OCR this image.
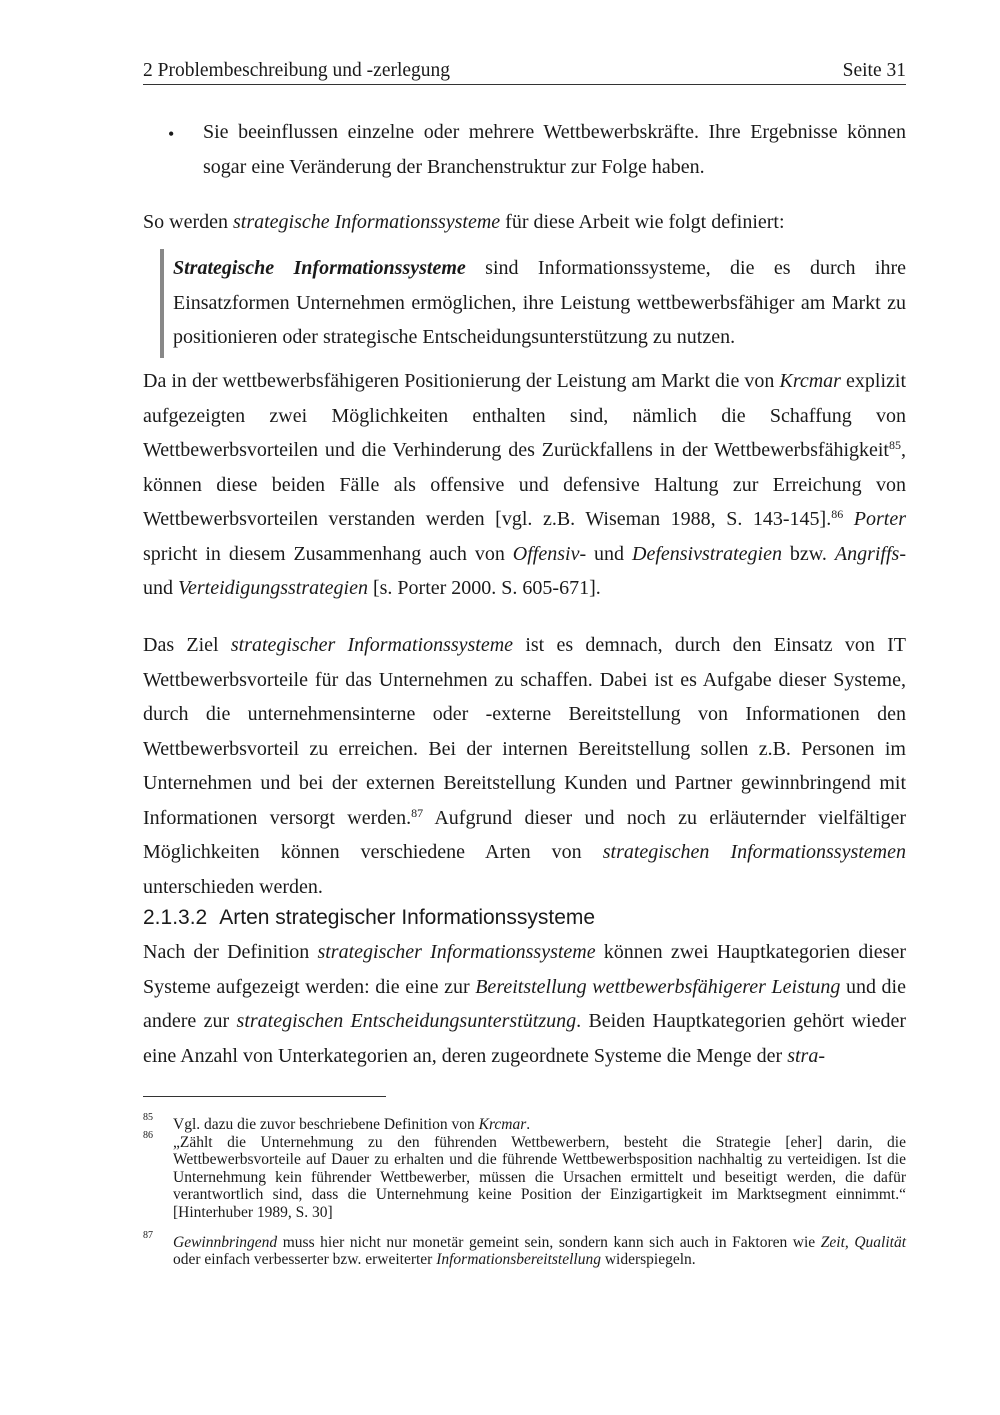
2 Problembeschreibung und -zerlegung	Seite 31
• Sie beeinflussen einzelne oder mehrere Wettbewerbskräfte. Ihre Ergebnisse können sogar eine Veränderung der Branchenstruktur zur Folge haben.

So werden strategische Informationssysteme für diese Arbeit wie folgt definiert:

Strategische Informationssysteme sind Informationssysteme, die es durch ihre Einsatzformen Unternehmen ermöglichen, ihre Leistung wettbewerbsfähiger am Markt zu positionieren oder strategische Entscheidungsunterstützung zu nutzen.

Da in der wettbewerbsfähigeren Positionierung der Leistung am Markt die von Krcmar explizit aufgezeigten zwei Möglichkeiten enthalten sind, nämlich die Schaffung von Wettbewerbsvorteilen und die Verhinderung des Zurückfallens in der Wettbewerbsfähigkeit$^{85}$, können diese beiden Fälle als offensive und defensive Haltung zur Erreichung von Wettbewerbsvorteilen verstanden werden [vgl. z.B. Wiseman 1988, S. 143-145].$^{86}$ Porter spricht in diesem Zusammenhang auch von Offensiv- und Defensivstrategien bzw. Angriffs- und Verteidigungsstrategien [s. Porter 2000. S. 605-671].

Das Ziel strategischer Informationssysteme ist es demnach, durch den Einsatz von IT Wettbewerbsvorteile für das Unternehmen zu schaffen. Dabei ist es Aufgabe dieser Systeme, durch die unternehmensinterne oder -externe Bereitstellung von Informationen den Wettbewerbsvorteil zu erreichen. Bei der internen Bereitstellung sollen z.B. Personen im Unternehmen und bei der externen Bereitstellung Kunden und Partner gewinnbringend mit Informationen versorgt werden.$^{87}$ Aufgrund dieser und noch zu erläuternder vielfältiger Möglichkeiten können verschiedene Arten von strategischen Informationssystemen unterschieden werden.

2.1.3.2 Arten strategischer Informationssysteme

Nach der Definition strategischer Informationssysteme können zwei Hauptkategorien dieser Systeme aufgezeigt werden: die eine zur Bereitstellung wettbewerbsfähigerer Leistung und die andere zur strategischen Entscheidungsunterstützung. Beiden Hauptkategorien gehört wieder eine Anzahl von Unterkategorien an, deren zugeordnete Systeme die Menge der stra-

85 Vgl. dazu die zuvor beschriebene Definition von Krcmar.
86 „Zählt die Unternehmung zu den führenden Wettbewerbern, besteht die Strategie [eher] darin, die Wettbewerbsvorteile auf Dauer zu erhalten und die führende Wettbewerbsposition nachhaltig zu verteidigen. Ist die Unternehmung kein führender Wettbewerber, müssen die Ursachen ermittelt und beseitigt werden, die dafür verantwortlich sind, dass die Unternehmung keine Position der Einzigartigkeit im Marktsegment einnimmt.“ [Hinterhuber 1989, S. 30]
87 Gewinnbringend muss hier nicht nur monetär gemeint sein, sondern kann sich auch in Faktoren wie Zeit, Qualität oder einfach verbesserter bzw. erweiterter Informationsbereitstellung widerspiegeln.
